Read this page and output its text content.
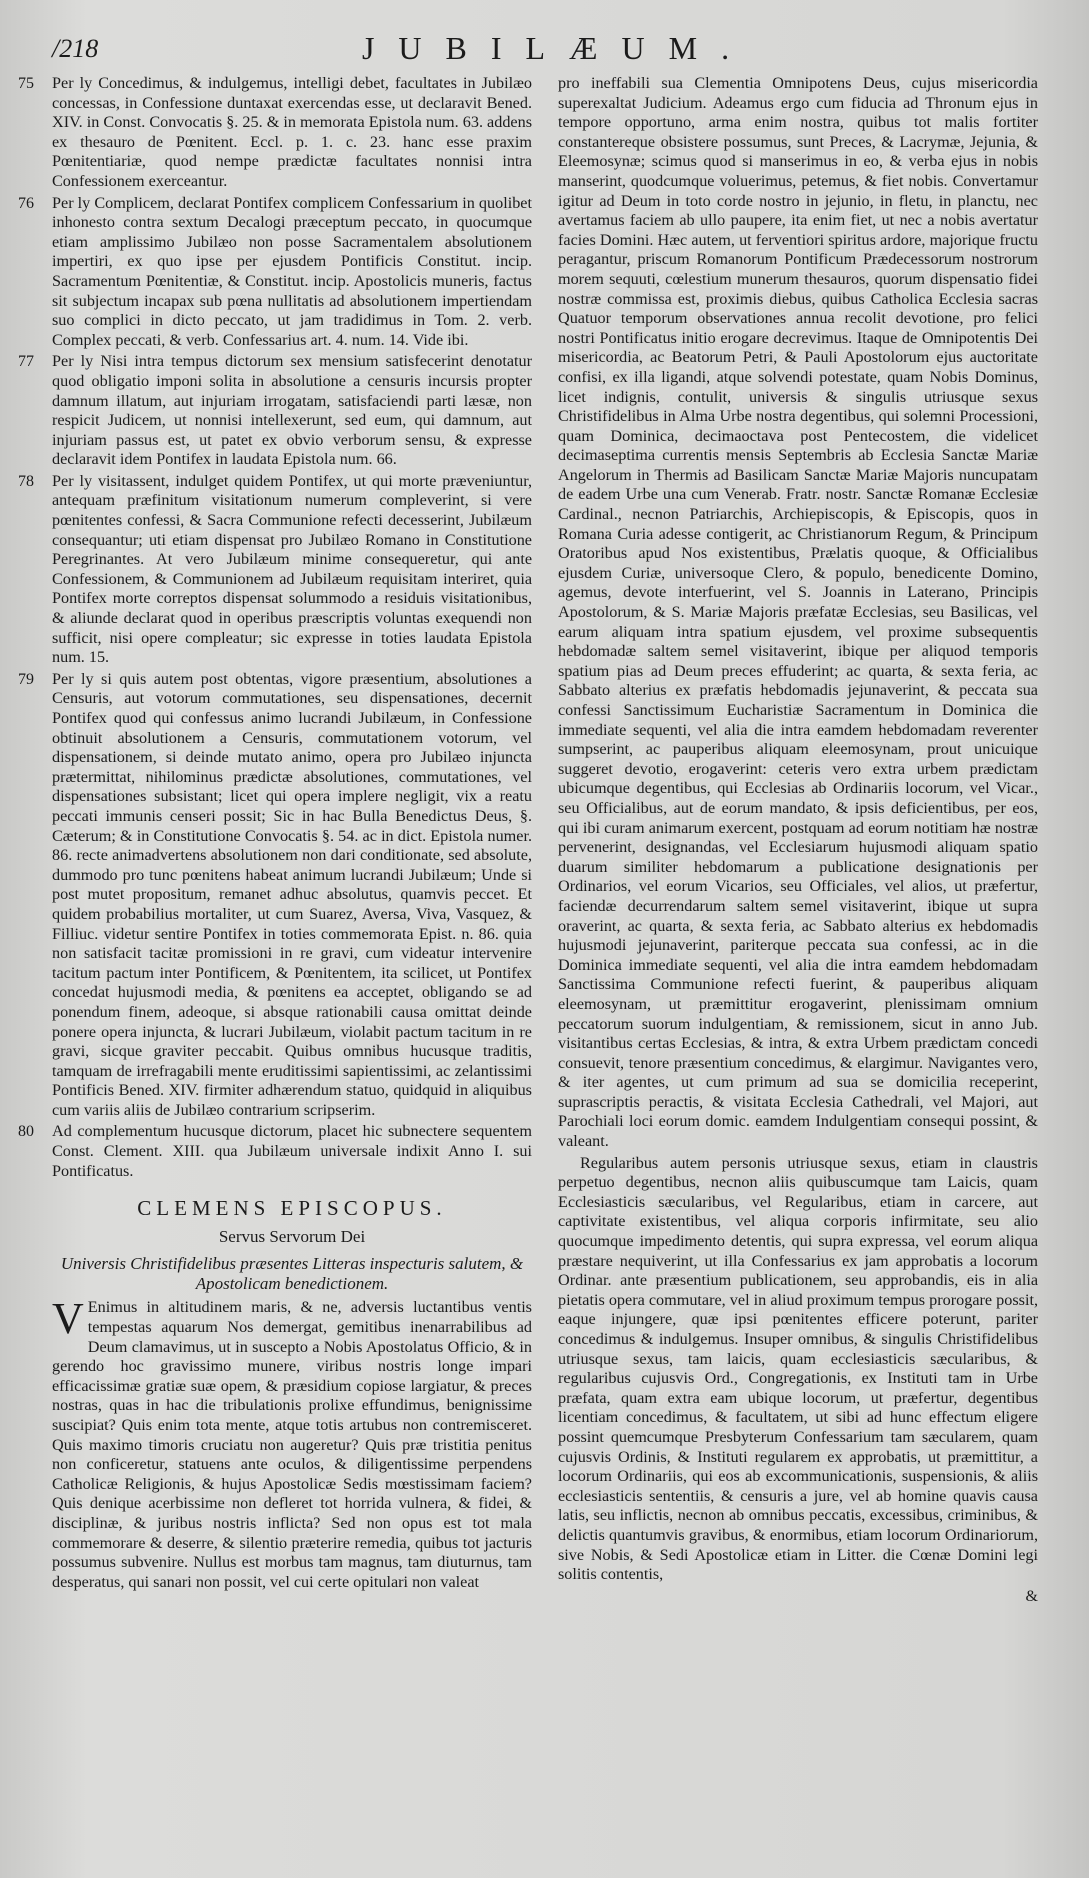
/218	JUBILÆUM.
75 Per ly Concedimus, & indulgemus, intelligi debet, facultates in Jubilæo concessas, in Confessione duntaxat exercendas esse, ut declaravit Bened. XIV. in Const. Convocatis §. 25. & in memorata Epistola num. 63. addens ex thesauro de Pœnitent. Eccl. p. 1. c. 23. hanc esse praxim Pœnitentiariæ, quod nempe prædictæ facultates nonnisi intra Confessionem exerceantur.
76 Per ly Complicem, declarat Pontifex complicem Confessarium in quolibet inhonesto contra sextum Decalogi præceptum peccato, in quocumque etiam amplissimo Jubilæo non posse Sacramentalem absolutionem impertiri, ex quo ipse per ejusdem Pontificis Constitut. incip. Sacramentum Pœnitentiæ, & Constitut. incip. Apostolicis muneris, factus sit subjectum incapax sub pœna nullitatis ad absolutionem impertiendam suo complici in dicto peccato, ut jam tradidimus in Tom. 2. verb. Complex peccati, & verb. Confessarius art. 4. num. 14. Vide ibi.
77 Per ly Nisi intra tempus dictorum sex mensium satisfecerint denotatur quod obligatio imponi solita in absolutione a censuris incursis propter damnum illatum, aut injuriam irrogatam, satisfaciendi parti læsæ, non respicit Judicem, ut nonnisi intellexerunt, sed eum, qui damnum, aut injuriam passus est, ut patet ex obvio verborum sensu, & expresse declaravit idem Pontifex in laudata Epistola num. 66.
78 Per ly visitassent, indulget quidem Pontifex, ut qui morte præveniuntur, antequam præfinitum visitationum numerum compleverint, si vere pœnitentes confessi, & Sacra Communione refecti decesserint, Jubilæum consequantur; uti etiam dispensat pro Jubilæo Romano in Constitutione Peregrinantes. At vero Jubilæum minime consequeretur, qui ante Confessionem, & Communionem ad Jubilæum requisitam interiret, quia Pontifex morte correptos dispensat solummodo a residuis visitationibus, & aliunde declarat quod in operibus præscriptis voluntas exequendi non sufficit, nisi opere compleatur; sic expresse in toties laudata Epistola num. 15.
79 Per ly si quis autem post obtentas, vigore præsentium, absolutiones a Censuris, aut votorum commutationes, seu dispensationes, decernit Pontifex quod qui confessus animo lucrandi Jubilæum, in Confessione obtinuit absolutionem a Censuris, commutationem votorum, vel dispensationem, si deinde mutato animo, opera pro Jubilæo injuncta prætermittat, nihilominus prædictæ absolutiones, commutationes, vel dispensationes subsistant; licet qui opera implere negligit, vix a reatu peccati immunis censeri possit; Sic in hac Bulla Benedictus Deus, §. Cæterum; & in Constitutione Convocatis §. 54. ac in dict. Epistola numer. 86. recte animadvertens absolutionem non dari conditionate, sed absolute, dummodo pro tunc pœnitens habeat animum lucrandi Jubilæum; Unde si post mutet propositum, remanet adhuc absolutus, quamvis peccet. Et quidem probabilius mortaliter, ut cum Suarez, Aversa, Viva, Vasquez, & Filliuc. videtur sentire Pontifex in toties commemorata Epist. n. 86. quia non satisfacit tacitæ promissioni in re gravi, cum videatur intervenire tacitum pactum inter Pontificem, & Pœnitentem, ita scilicet, ut Pontifex concedat hujusmodi media, & pœnitens ea acceptet, obligando se ad ponendum finem, adeoque, si absque rationabili causa omittat deinde ponere opera injuncta, & lucrari Jubilæum, violabit pactum tacitum in re gravi, sicque graviter peccabit. Quibus omnibus hucusque traditis, tamquam de irrefragabili mente eruditissimi sapientissimi, ac zelantissimi Pontificis Bened. XIV. firmiter adhærendum statuo, quidquid in aliquibus cum variis aliis de Jubilæo contrarium scripserim.
80 Ad complementum hucusque dictorum, placet hic subnectere sequentem Const. Clement. XIII. qua Jubilæum universale indixit Anno I. sui Pontificatus.
CLEMENS EPISCOPUS.
Servus Servorum Dei
Universis Christifidelibus præsentes Litteras inspecturis salutem, & Apostolicam benedictionem.
V Enimus in altitudinem maris, & ne, adversis luctantibus ventis tempestas aquarum Nos demergat, gemitibus inenarrabilibus ad Deum clamavimus, ut in suscepto a Nobis Apostolatus Officio, & in gerendo hoc gravissimo munere, viribus nostris longe impari efficacissimæ gratiæ suæ opem, & præsidium copiose largiatur, & preces nostras, quas in hac die tribulationis prolixe effundimus, benignissime suscipiat? Quis enim tota mente, atque totis artubus non contremisceret. Quis maximo timoris cruciatu non augeretur? Quis præ tristitia penitus non conficeretur, statuens ante oculos, & diligentissime perpendens Catholicæ Religionis, & hujus Apostolicæ Sedis mœstissimam faciem? Quis denique acerbissime non defleret tot horrida vulnera, & fidei, & disciplinæ, & juribus nostris inflicta? Sed non opus est tot mala commemorare & deserre, & silentio præterire remedia, quibus tot jacturis possumus subvenire. Nullus est morbus tam magnus, tam diuturnus, tam desperatus, qui sanari non possit, vel cui certe opitulari non valeat
pro ineffabili sua Clementia Omnipotens Deus, cujus misericordia superexaltat Judicium. Adeamus ergo cum fiducia ad Thronum ejus in tempore opportuno, arma enim nostra, quibus tot malis fortiter constantereque obsistere possumus, sunt Preces, & Lacrymæ, Jejunia, & Eleemosynæ; scimus quod si manserimus in eo, & verba ejus in nobis manserint, quodcumque voluerimus, petemus, & fiet nobis. Convertamur igitur ad Deum in toto corde nostro in jejunio, in fletu, in planctu, nec avertamus faciem ab ullo paupere, ita enim fiet, ut nec a nobis avertatur facies Domini. Hæc autem, ut ferventiori spiritus ardore, majorique fructu peragantur, priscum Romanorum Pontificum Prædecessorum nostrorum morem sequuti, cœlestium munerum thesauros, quorum dispensatio fidei nostræ commissa est, proximis diebus, quibus Catholica Ecclesia sacras Quatuor temporum observationes annua recolit devotione, pro felici nostri Pontificatus initio erogare decrevimus. Itaque de Omnipotentis Dei misericordia, ac Beatorum Petri, & Pauli Apostolorum ejus auctoritate confisi, ex illa ligandi, atque solvendi potestate, quam Nobis Dominus, licet indignis, contulit, universis & singulis utriusque sexus Christifidelibus in Alma Urbe nostra degentibus, qui solemni Processioni, quam Dominica, decimaoctava post Pentecostem, die videlicet decimaseptima currentis mensis Septembris ab Ecclesia Sanctæ Mariæ Angelorum in Thermis ad Basilicam Sanctæ Mariæ Majoris nuncupatam de eadem Urbe una cum Venerab. Fratr. nostr. Sanctæ Romanæ Ecclesiæ Cardinal., necnon Patriarchis, Archiepiscopis, & Episcopis, quos in Romana Curia adesse contigerit, ac Christianorum Regum, & Principum Oratoribus apud Nos existentibus, Prælatis quoque, & Officialibus ejusdem Curiæ, universoque Clero, & populo, benedicente Domino, agemus, devote interfuerint, vel S. Joannis in Laterano, Principis Apostolorum, & S. Mariæ Majoris præfatæ Ecclesias, seu Basilicas, vel earum aliquam intra spatium ejusdem, vel proxime subsequentis hebdomadæ saltem semel visitaverint, ibique per aliquod temporis spatium pias ad Deum preces effuderint; ac quarta, & sexta feria, ac Sabbato alterius ex præfatis hebdomadis jejunaverint, & peccata sua confessi Sanctissimum Eucharistiæ Sacramentum in Dominica die immediate sequenti, vel alia die intra eamdem hebdomadam reverenter sumpserint, ac pauperibus aliquam eleemosynam, prout unicuique suggeret devotio, erogaverint: ceteris vero extra urbem prædictam ubicumque degentibus, qui Ecclesias ab Ordinariis locorum, vel Vicar., seu Officialibus, aut de eorum mandato, & ipsis deficientibus, per eos, qui ibi curam animarum exercent, postquam ad eorum notitiam hæ nostræ pervenerint, designandas, vel Ecclesiarum hujusmodi aliquam spatio duarum similiter hebdomarum a publicatione designationis per Ordinarios, vel eorum Vicarios, seu Officiales, vel alios, ut præfertur, faciendæ decurrendarum saltem semel visitaverint, ibique ut supra oraverint, ac quarta, & sexta feria, ac Sabbato alterius ex hebdomadis hujusmodi jejunaverint, pariterque peccata sua confessi, ac in die Dominica immediate sequenti, vel alia die intra eamdem hebdomadam Sanctissima Communione refecti fuerint, & pauperibus aliquam eleemosynam, ut præmittitur erogaverint, plenissimam omnium peccatorum suorum indulgentiam, & remissionem, sicut in anno Jub. visitantibus certas Ecclesias, & intra, & extra Urbem prædictam concedi consuevit, tenore præsentium concedimus, & elargimur. Navigantes vero, & iter agentes, ut cum primum ad sua se domicilia receperint, suprascriptis peractis, & visitata Ecclesia Cathedrali, vel Majori, aut Parochiali loci eorum domic. eamdem Indulgentiam consequi possint, & valeant.
Regularibus autem personis utriusque sexus, etiam in claustris perpetuo degentibus, necnon aliis quibuscumque tam Laicis, quam Ecclesiasticis sæcularibus, vel Regularibus, etiam in carcere, aut captivitate existentibus, vel aliqua corporis infirmitate, seu alio quocumque impedimento detentis, qui supra expressa, vel eorum aliqua præstare nequiverint, ut illa Confessarius ex jam approbatis a locorum Ordinar. ante præsentium publicationem, seu approbandis, eis in alia pietatis opera commutare, vel in aliud proximum tempus prorogare possit, eaque injungere, quæ ipsi pœnitentes efficere poterunt, pariter concedimus & indulgemus. Insuper omnibus, & singulis Christifidelibus utriusque sexus, tam laicis, quam ecclesiasticis sæcularibus, & regularibus cujusvis Ord., Congregationis, ex Instituti tam in Urbe præfata, quam extra eam ubique locorum, ut præfertur, degentibus licentiam concedimus, & facultatem, ut sibi ad hunc effectum eligere possint quemcumque Presbyterum Confessarium tam sæcularem, quam cujusvis Ordinis, & Instituti regularem ex approbatis, ut præmittitur, a locorum Ordinariis, qui eos ab excommunicationis, suspensionis, & aliis ecclesiasticis sententiis, & censuris a jure, vel ab homine quavis causa latis, seu inflictis, necnon ab omnibus peccatis, excessibus, criminibus, & delictis quantumvis gravibus, & enormibus, etiam locorum Ordinariorum, sive Nobis, & Sedi Apostolicæ etiam in Litter. die Cœnæ Domini legi solitis contentis,
&
